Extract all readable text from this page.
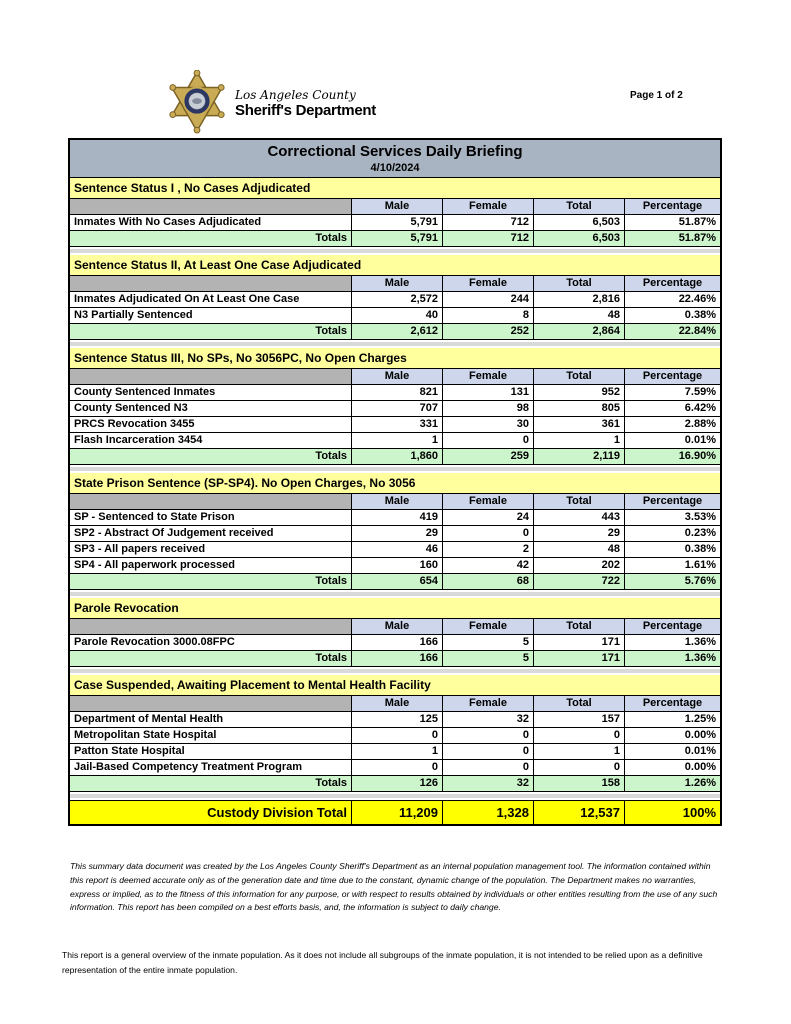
Los Angeles County
Sheriff's Department
Page 1 of 2
Correctional Services Daily Briefing
4/10/2024
Sentence Status I , No Cases Adjudicated
Male	Female	Total	Percentage
Inmates With No Cases Adjudicated	5,791	712	6,503	51.87%
Totals	5,791	712	6,503	51.87%
Sentence Status II, At Least One Case Adjudicated
Male	Female	Total	Percentage
Inmates Adjudicated On At Least One Case	2,572	244	2,816	22.46%
N3 Partially Sentenced	40	8	48	0.38%
Totals	2,612	252	2,864	22.84%
Sentence Status III, No SPs, No 3056PC, No Open Charges
Male	Female	Total	Percentage
County Sentenced Inmates	821	131	952	7.59%
County Sentenced N3	707	98	805	6.42%
PRCS Revocation 3455	331	30	361	2.88%
Flash Incarceration 3454	1	0	1	0.01%
Totals	1,860	259	2,119	16.90%
State Prison Sentence (SP-SP4). No Open Charges, No 3056
Male	Female	Total	Percentage
SP - Sentenced to State Prison	419	24	443	3.53%
SP2 - Abstract Of Judgement received	29	0	29	0.23%
SP3 - All papers received	46	2	48	0.38%
SP4 - All paperwork processed	160	42	202	1.61%
Totals	654	68	722	5.76%
Parole Revocation
Male	Female	Total	Percentage
Parole Revocation 3000.08FPC	166	5	171	1.36%
Totals	166	5	171	1.36%
Case Suspended, Awaiting Placement to Mental Health Facility
Male	Female	Total	Percentage
Department of Mental Health	125	32	157	1.25%
Metropolitan State Hospital	0	0	0	0.00%
Patton State Hospital	1	0	1	0.01%
Jail-Based Competency Treatment Program	0	0	0	0.00%
Totals	126	32	158	1.26%
Custody Division Total	11,209	1,328	12,537	100%
This summary data document was created by the Los Angeles County Sheriff's Department as an internal population management tool. The information contained within this report is deemed accurate only as of the generation date and time due to the constant, dynamic change of the population. The Department makes no warranties, express or implied, as to the fitness of this information for any purpose, or with respect to results obtained by individuals or other entities resulting from the use of any such information. This report has been compiled on a best efforts basis, and, the information is subject to daily change.
This report is a general overview of the inmate population. As it does not include all subgroups of the inmate population, it is not intended to be relied upon as a definitive representation of the entire inmate population.
